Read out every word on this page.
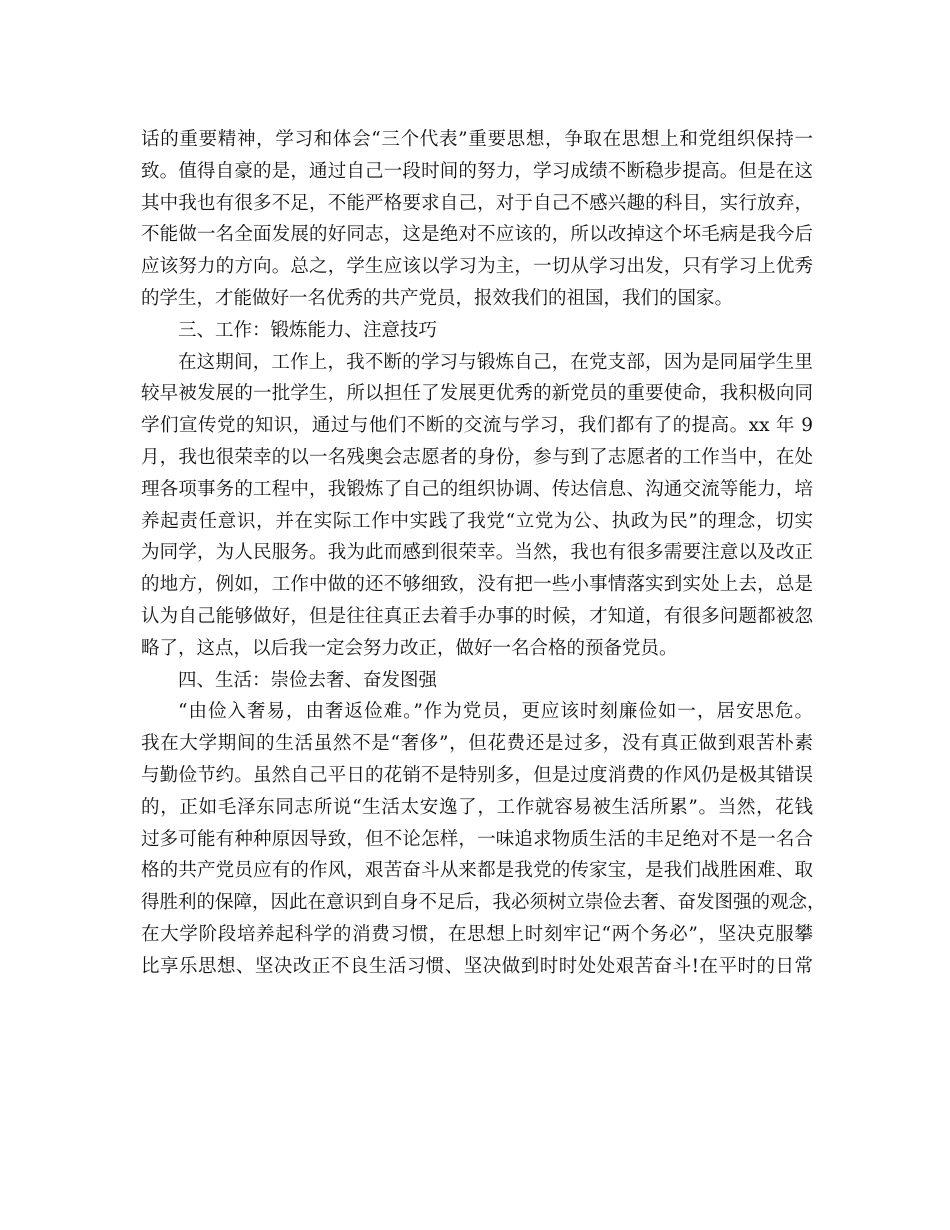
话的重要精神，学习和体会“三个代表”重要思想，争取在思想上和党组织保持一
致。值得自豪的是，通过自己一段时间的努力，学习成绩不断稳步提高。但是在这
其中我也有很多不足，不能严格要求自己，对于自己不感兴趣的科目，实行放弃，
不能做一名全面发展的好同志，这是绝对不应该的，所以改掉这个坏毛病是我今后
应该努力的方向。总之，学生应该以学习为主，一切从学习出发，只有学习上优秀
的学生，才能做好一名优秀的共产党员，报效我们的祖国，我们的国家。
三、工作：锻炼能力、注意技巧
在这期间，工作上，我不断的学习与锻炼自己，在党支部，因为是同届学生里
较早被发展的一批学生，所以担任了发展更优秀的新党员的重要使命，我积极向同
学们宣传党的知识，通过与他们不断的交流与学习，我们都有了的提高。xx 年 9
月，我也很荣幸的以一名残奥会志愿者的身份，参与到了志愿者的工作当中，在处
理各项事务的工程中，我锻炼了自己的组织协调、传达信息、沟通交流等能力，培
养起责任意识，并在实际工作中实践了我党“立党为公、执政为民”的理念，切实
为同学，为人民服务。我为此而感到很荣幸。当然，我也有很多需要注意以及改正
的地方，例如，工作中做的还不够细致，没有把一些小事情落实到实处上去，总是
认为自己能够做好，但是往往真正去着手办事的时候，才知道，有很多问题都被忽
略了，这点，以后我一定会努力改正，做好一名合格的预备党员。
四、生活：崇俭去奢、奋发图强
“由俭入奢易，由奢返俭难。”作为党员，更应该时刻廉俭如一，居安思危。
我在大学期间的生活虽然不是“奢侈”，但花费还是过多，没有真正做到艰苦朴素
与勤俭节约。虽然自己平日的花销不是特别多，但是过度消费的作风仍是极其错误
的，正如毛泽东同志所说“生活太安逸了，工作就容易被生活所累”。当然，花钱
过多可能有种种原因导致，但不论怎样，一味追求物质生活的丰足绝对不是一名合
格的共产党员应有的作风，艰苦奋斗从来都是我党的传家宝，是我们战胜困难、取
得胜利的保障，因此在意识到自身不足后，我必须树立崇俭去奢、奋发图强的观念，
在大学阶段培养起科学的消费习惯，在思想上时刻牢记“两个务必”，坚决克服攀
比享乐思想、坚决改正不良生活习惯、坚决做到时时处处艰苦奋斗!在平时的日常
